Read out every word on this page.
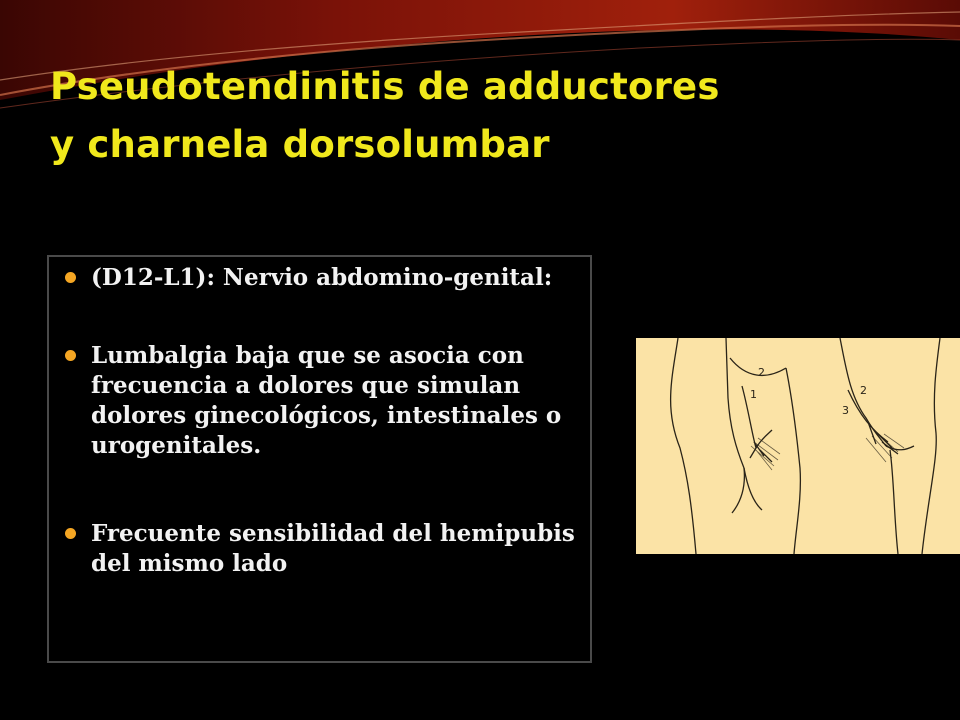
Pseudotendinitis de adductores
y charnela dorsolumbar
(D12-L1): Nervio abdomino-genital:
Lumbalgia baja que se asocia con frecuencia a dolores que simulan dolores ginecológicos, intestinales o urogenitales.
Frecuente sensibilidad del hemipubis del mismo lado
2
1	2
3
